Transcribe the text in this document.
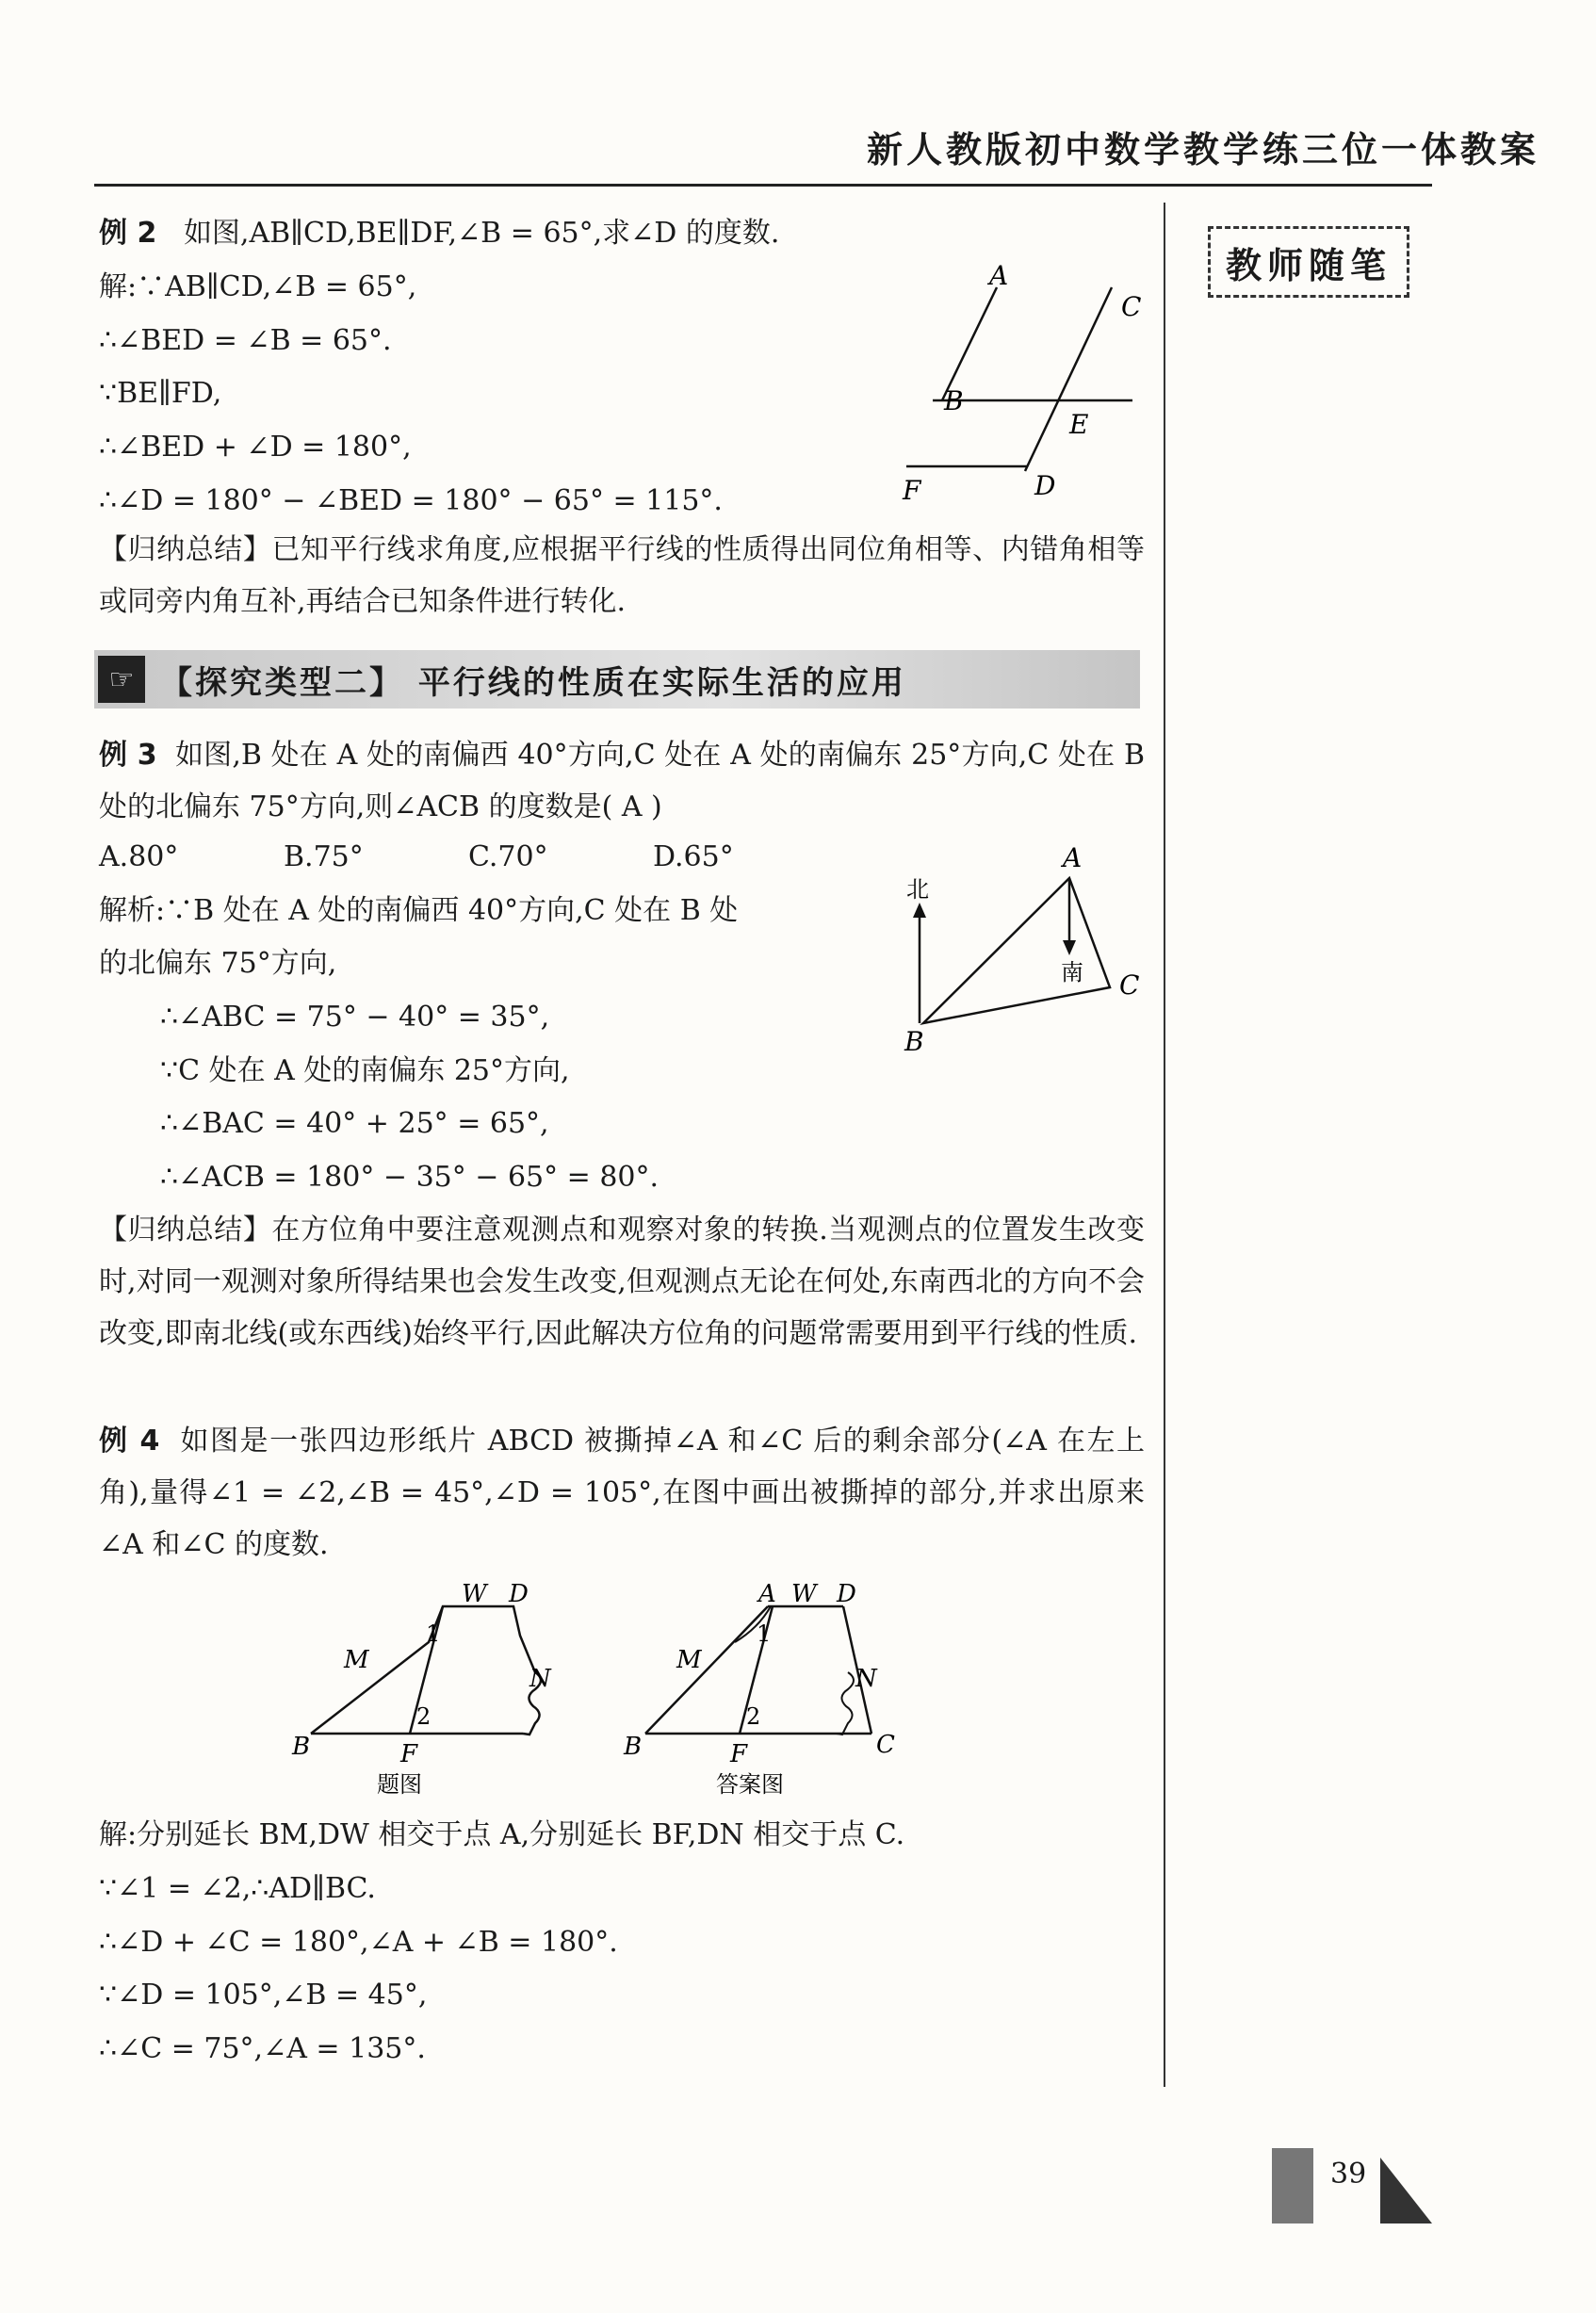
新人教版初中数学教学练三位一体教案
教师随笔
例 2 如图,AB∥CD,BE∥DF,∠B = 65°,求∠D 的度数.
解:∵AB∥CD,∠B = 65°,
∴∠BED = ∠B = 65°.
∵BE∥FD,
∴∠BED + ∠D = 180°,
∴∠D = 180° − ∠BED = 180° − 65° = 115°.
【归纳总结】已知平行线求角度,应根据平行线的性质得出同位角相等、内错角相等或同旁内角互补,再结合已知条件进行转化.
A
C
B
E
F	D
☞ 【探究类型二】 平行线的性质在实际生活的应用
例 3 如图,B 处在 A 处的南偏西 40°方向,C 处在 A 处的南偏东 25°方向,C 处在 B 处的北偏东 75°方向,则∠ACB 的度数是( A )
A.80°	B.75°	C.70°	D.65°
解析:∵B 处在 A 处的南偏西 40°方向,C 处在 B 处
的北偏东 75°方向,
∴∠ABC = 75° − 40° = 35°,
∵C 处在 A 处的南偏东 25°方向,
∴∠BAC = 40° + 25° = 65°,
∴∠ACB = 180° − 35° − 65° = 80°.
【归纳总结】在方位角中要注意观测点和观察对象的转换.当观测点的位置发生改变时,对同一观测对象所得结果也会发生改变,但观测点无论在何处,东南西北的方向不会改变,即南北线(或东西线)始终平行,因此解决方位角的问题常需要用到平行线的性质.
A
B
C
北
南
例 4 如图是一张四边形纸片 ABCD 被撕掉∠A 和∠C 后的剩余部分(∠A 在左上角),量得∠1 = ∠2,∠B = 45°,∠D = 105°,在图中画出被撕掉的部分,并求出原来∠A 和∠C 的度数.
W D
M
N
B	F
1
2
题图
A W D
M
N
B	F	C
1
2
答案图
解:分别延长 BM,DW 相交于点 A,分别延长 BF,DN 相交于点 C.
∵∠1 = ∠2,∴AD∥BC.
∴∠D + ∠C = 180°,∠A + ∠B = 180°.
∵∠D = 105°,∠B = 45°,
∴∠C = 75°,∠A = 135°.
39
